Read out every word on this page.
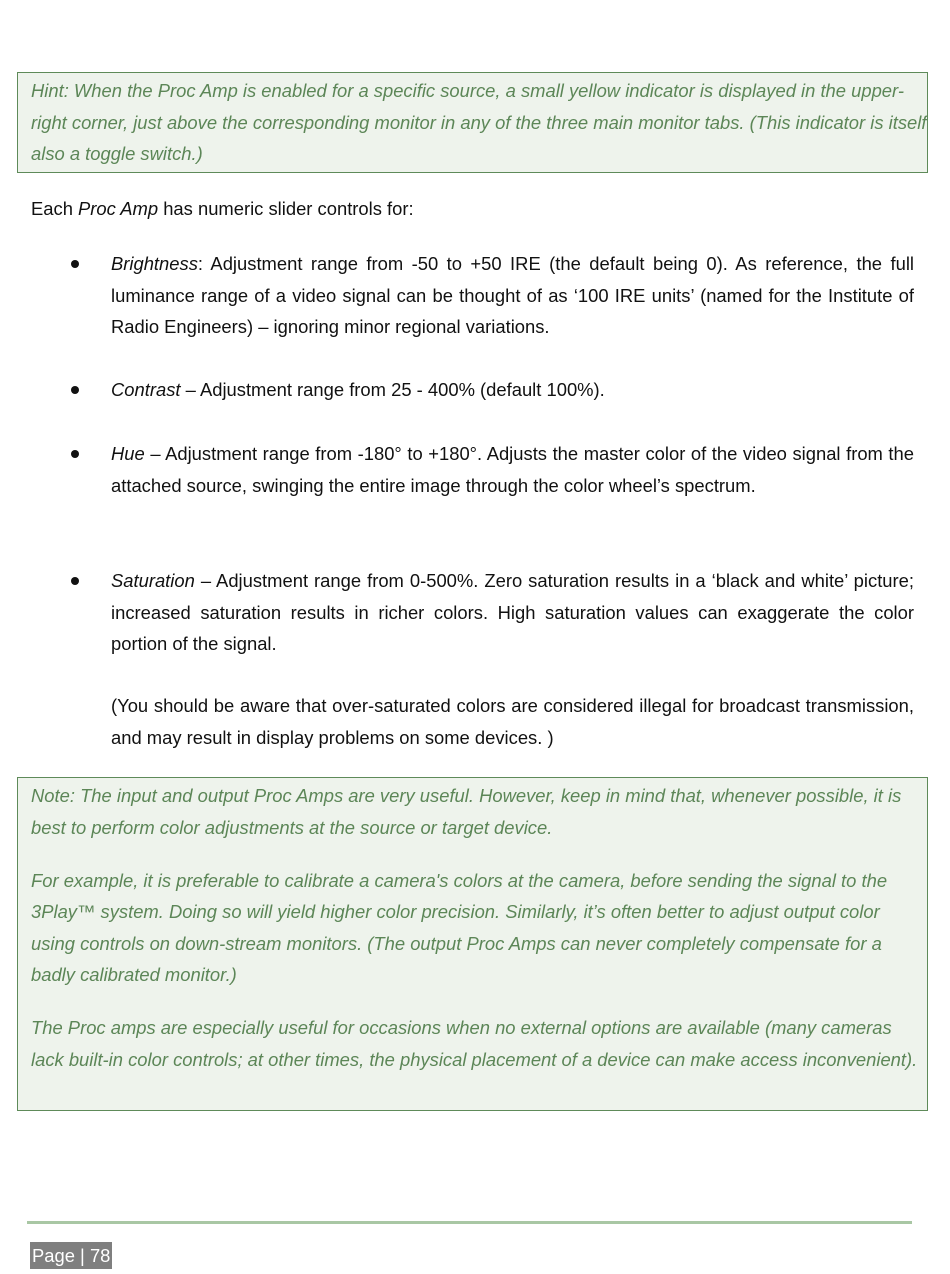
Hint: When the Proc Amp is enabled for a specific source, a small yellow indicator is displayed in the upper-right corner, just above the corresponding monitor in any of the three main monitor tabs. (This indicator is itself also a toggle switch.)

Each Proc Amp has numeric slider controls for:
Brightness: Adjustment range from -50 to +50 IRE (the default being 0). As reference, the full luminance range of a video signal can be thought of as ‘100 IRE units’ (named for the Institute of Radio Engineers) – ignoring minor regional variations.
Contrast – Adjustment range from 25 - 400% (default 100%).
Hue – Adjustment range from -180° to +180°. Adjusts the master color of the video signal from the attached source, swinging the entire image through the color wheel’s spectrum.
Saturation – Adjustment range from 0-500%. Zero saturation results in a ‘black and white’ picture; increased saturation results in richer colors. High saturation values can exaggerate the color portion of the signal.
(You should be aware that over-saturated colors are considered illegal for broadcast transmission, and may result in display problems on some devices. )

Note: The input and output Proc Amps are very useful. However, keep in mind that, whenever possible, it is best to perform color adjustments at the source or target device.

For example, it is preferable to calibrate a camera's colors at the camera, before sending the signal to the 3Play™ system. Doing so will yield higher color precision. Similarly, it’s often better to adjust output color using controls on down-stream monitors. (The output Proc Amps can never completely compensate for a badly calibrated monitor.)

The Proc amps are especially useful for occasions when no external options are available (many cameras lack built-in color controls; at other times, the physical placement of a device can make access inconvenient).

Page | 78
